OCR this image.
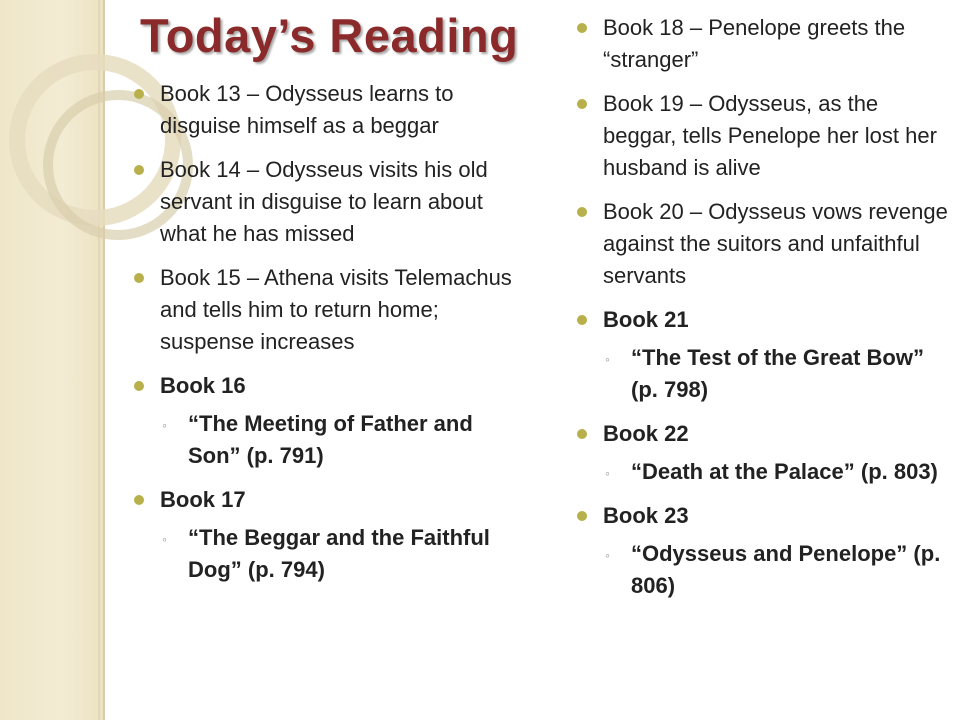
Today’s Reading
Book 13 – Odysseus learns to disguise himself as a beggar
Book 14 – Odysseus visits his old servant in disguise to learn about what he has missed
Book 15 – Athena visits Telemachus and tells him to return home; suspense increases
Book 16
◦ “The Meeting of Father and Son” (p. 791)
Book 17
◦ “The Beggar and the Faithful Dog” (p. 794)
Book 18 – Penelope greets the “stranger”
Book 19 – Odysseus, as the beggar, tells Penelope her lost her husband is alive
Book 20 – Odysseus vows revenge against the suitors and unfaithful servants
Book 21
◦ “The Test of the Great Bow” (p. 798)
Book 22
◦ “Death at the Palace” (p. 803)
Book 23
◦ “Odysseus and Penelope” (p. 806)
